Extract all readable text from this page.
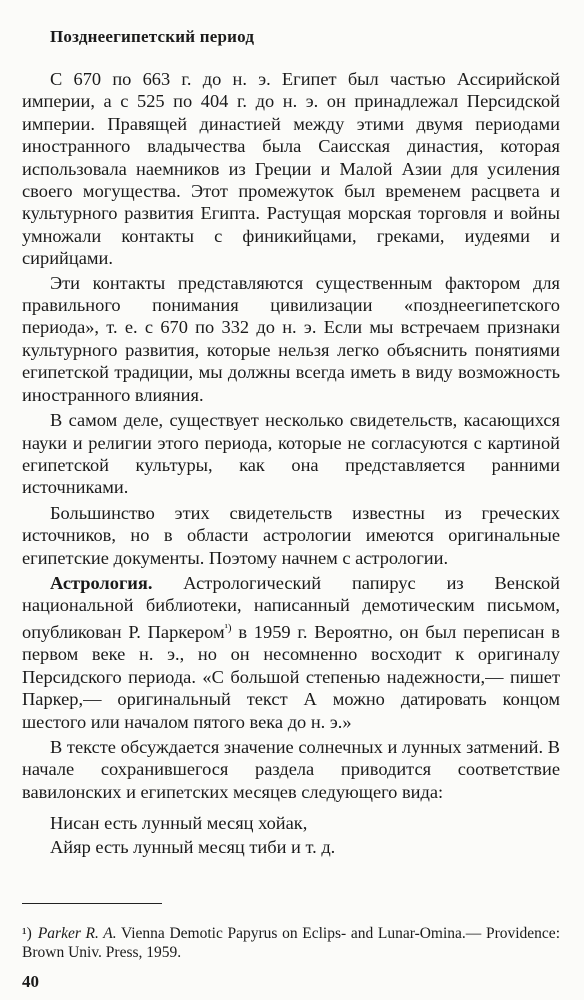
Позднеегипетский период

С 670 по 663 г. до н. э. Египет был частью Ассирийской империи, а с 525 по 404 г. до н. э. он принадлежал Персидской империи. Правящей династией между этими двумя периодами иностранного владычества была Саисская династия, которая использовала наемников из Греции и Малой Азии для усиления своего могущества. Этот промежуток был временем расцвета и культурного развития Египта. Растущая морская торговля и войны умножали контакты с финикийцами, греками, иудеями и сирийцами.

Эти контакты представляются существенным фактором для правильного понимания цивилизации «позднеегипетского периода», т. е. с 670 по 332 до н. э. Если мы встречаем признаки культурного развития, которые нельзя легко объяснить понятиями египетской традиции, мы должны всегда иметь в виду возможность иностранного влияния.

В самом деле, существует несколько свидетельств, касающихся науки и религии этого периода, которые не согласуются с картиной египетской культуры, как она представляется ранними источниками.

Большинство этих свидетельств известны из греческих источников, но в области астрологии имеются оригинальные египетские документы. Поэтому начнем с астрологии.

Астрология. Астрологический папирус из Венской национальной библиотеки, написанный демотическим письмом, опубликован Р. Паркером$^{^1)}$ в 1959 г. Вероятно, он был переписан в первом веке н. э., но он несомненно восходит к оригиналу Персидского периода. «С большой степенью надежности,— пишет Паркер,— оригинальный текст А можно датировать концом шестого или началом пятого века до н. э.»

В тексте обсуждается значение солнечных и лунных затмений. В начале сохранившегося раздела приводится соответствие вавилонских и египетских месяцев следующего вида:

Нисан есть лунный месяц хойак,
Айяр есть лунный месяц тиби и т. д.
¹) Parker R. A. Vienna Demotic Papyrus on Eclips- and Lunar-Omina.— Providence: Brown Univ. Press, 1959.
40
